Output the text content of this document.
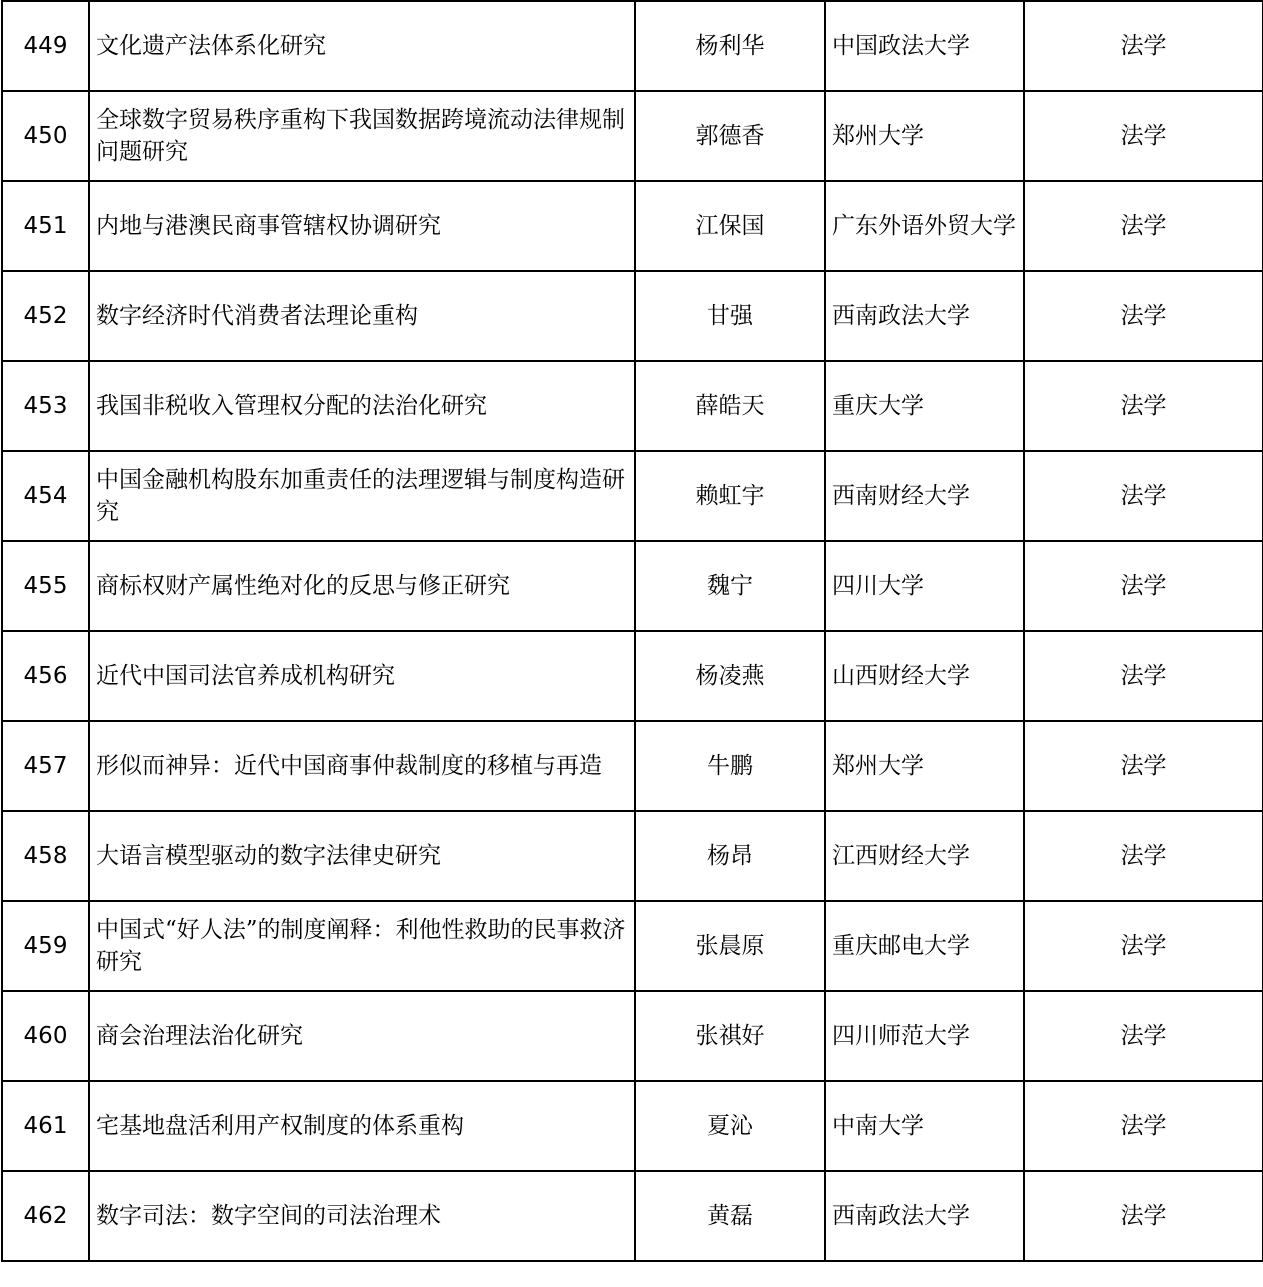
449	文化遗产法体系化研究	杨利华	中国政法大学	法学
450	全球数字贸易秩序重构下我国数据跨境流动法律规制问题研究	郭德香	郑州大学	法学
451	内地与港澳民商事管辖权协调研究	江保国	广东外语外贸大学	法学
452	数字经济时代消费者法理论重构	甘强	西南政法大学	法学
453	我国非税收入管理权分配的法治化研究	薛皓天	重庆大学	法学
454	中国金融机构股东加重责任的法理逻辑与制度构造研究	赖虹宇	西南财经大学	法学
455	商标权财产属性绝对化的反思与修正研究	魏宁	四川大学	法学
456	近代中国司法官养成机构研究	杨凌燕	山西财经大学	法学
457	形似而神异：近代中国商事仲裁制度的移植与再造	牛鹏	郑州大学	法学
458	大语言模型驱动的数字法律史研究	杨昂	江西财经大学	法学
459	中国式“好人法”的制度阐释：利他性救助的民事救济研究	张晨原	重庆邮电大学	法学
460	商会治理法治化研究	张祺好	四川师范大学	法学
461	宅基地盘活利用产权制度的体系重构	夏沁	中南大学	法学
462	数字司法：数字空间的司法治理术	黄磊	西南政法大学	法学
